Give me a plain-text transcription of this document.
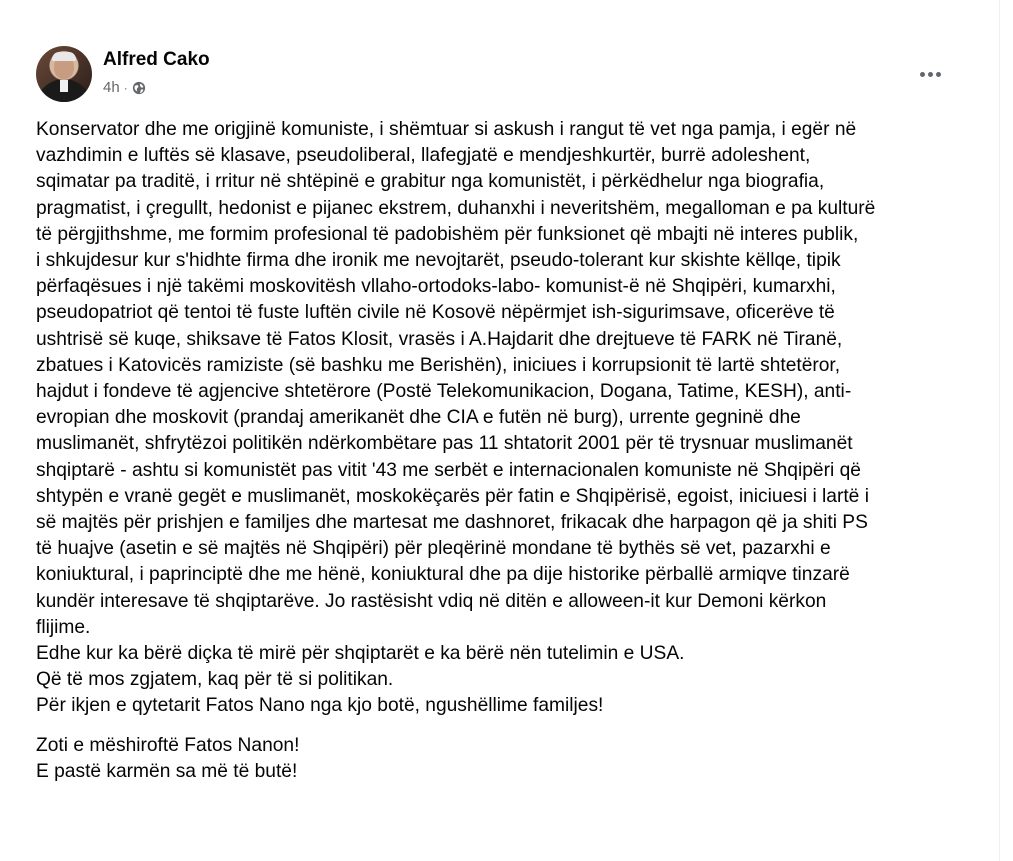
Alfred Cako
4h ·

Konservator dhe me origjinë komuniste, i shëmtuar si askush i rangut të vet nga pamja, i egër në

vazhdimin e luftës së klasave, pseudoliberal, llafegjatë e mendjeshkurtër, burrë adoleshent,

sqimatar pa traditë, i rritur në shtëpinë e grabitur nga komunistët, i përkëdhelur nga biografia,

pragmatist, i çregullt, hedonist e pijanec ekstrem, duhanxhi i neveritshëm, megalloman e pa kulturë

të përgjithshme, me formim profesional të padobishëm për funksionet që mbajti në interes publik,

i shkujdesur kur s'hidhte firma dhe ironik me nevojtarët, pseudo-tolerant kur skishte këllqe, tipik

përfaqësues i një takëmi moskovitësh vllaho-ortodoks-labo- komunist-ë në Shqipëri, kumarxhi,

pseudopatriot që tentoi të fuste luftën civile në Kosovë nëpërmjet ish-sigurimsave, oficerëve të

ushtrisë së kuqe, shiksave të Fatos Klosit, vrasës i A.Hajdarit dhe drejtueve të FARK në Tiranë,

zbatues i Katovicës ramiziste (së bashku me Berishën), iniciues i korrupsionit të lartë shtetëror,

hajdut i fondeve të agjencive shtetërore (Postë Telekomunikacion, Dogana, Tatime, KESH), anti-

evropian dhe moskovit (prandaj amerikanët dhe CIA e futën në burg), urrente gegninë dhe

muslimanët, shfrytëzoi politikën ndërkombëtare pas 11 shtatorit 2001 për të trysnuar muslimanët

shqiptarë - ashtu si komunistët pas vitit '43 me serbët e internacionalen komuniste në Shqipëri që

shtypën e vranë gegët e muslimanët, moskokëçarës për fatin e Shqipërisë, egoist, iniciuesi i lartë i

së majtës për prishjen e familjes dhe martesat me dashnoret, frikacak dhe harpagon që ja shiti PS

të huajve (asetin e së majtës në Shqipëri) për pleqërinë mondane të bythës së vet, pazarxhi e

koniuktural, i paprinciptë dhe me hënë, koniuktural dhe pa dije historike përballë armiqve tinzarë

kundër interesave të shqiptarëve. Jo rastësisht vdiq në ditën e alloween-it kur Demoni kërkon

flijime.

Edhe kur ka bërë diçka të mirë për shqiptarët e ka bërë nën tutelimin e USA.

Që të mos zgjatem, kaq për të si politikan.

Për ikjen e qytetarit Fatos Nano nga kjo botë, ngushëllime familjes!

Zoti e mëshiroftë Fatos Nanon!

E pastë karmën sa më të butë!
